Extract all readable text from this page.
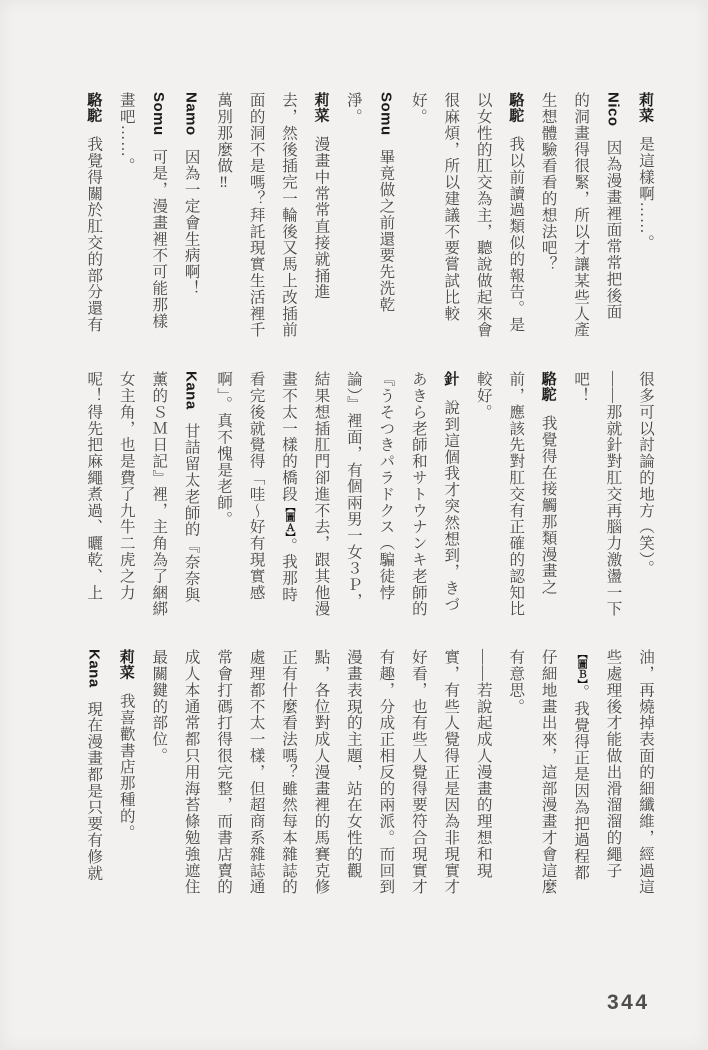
莉菜是這樣啊……。
Nico因為漫畫裡面常常把後面
的洞畫得很緊，所以才讓某些人產
生想體驗看看的想法吧？
駱駝我以前讀過類似的報告。是
以女性的肛交為主，聽說做起來會
很麻煩，所以建議不要嘗試比較
好。
Somu畢竟做之前還要先洗乾
淨。
莉菜漫畫中常常直接就捅進
去，然後插完一輪後又馬上改插前
面的洞不是嗎？拜託現實生活裡千
萬別那麼做‼
Namo因為一定會生病啊！
Somu可是，漫畫裡不可能那樣
畫吧……。
駱駝我覺得關於肛交的部分還有
很多可以討論的地方（笑）。
——那就針對肛交再腦力激盪一下
吧！
駱駝我覺得在接觸那類漫畫之
前，應該先對肛交有正確的認知比
較好。
針說到這個我才突然想到，きづ
あきら老師和サトウナンキ老師的
『うそつきパラドクス（騙徒悖
論）』裡面，有個兩男一女３Ｐ，
結果想插肛門卻進不去，跟其他漫
畫不太一樣的橋段【圖Ａ】。我那時
看完後就覺得「哇～好有現實感
啊」。真不愧是老師。
Kana甘詰留太老師的『奈奈與
薰的ＳＭ日記』裡，主角為了綑綁
女主角，也是費了九牛二虎之力
呢！得先把麻繩煮過、曬乾、上
油，再燒掉表面的細纖維，經過這
些處理後才能做出滑溜溜的繩子
【圖Ｂ】。我覺得正是因為把過程都
仔細地畫出來，這部漫畫才會這麼
有意思。
——若說起成人漫畫的理想和現
實，有些人覺得正是因為非現實才
好看，也有些人覺得要符合現實才
有趣，分成正相反的兩派。而回到
漫畫表現的主題，站在女性的觀
點，各位對成人漫畫裡的馬賽克修
正有什麼看法嗎？雖然每本雜誌的
處理都不太一樣，但超商系雜誌通
常會打碼打得很完整，而書店賣的
成人本通常都只用海苔條勉強遮住
最關鍵的部位。
莉菜我喜歡書店那種的。
Kana現在漫畫都是只要有修就
344
